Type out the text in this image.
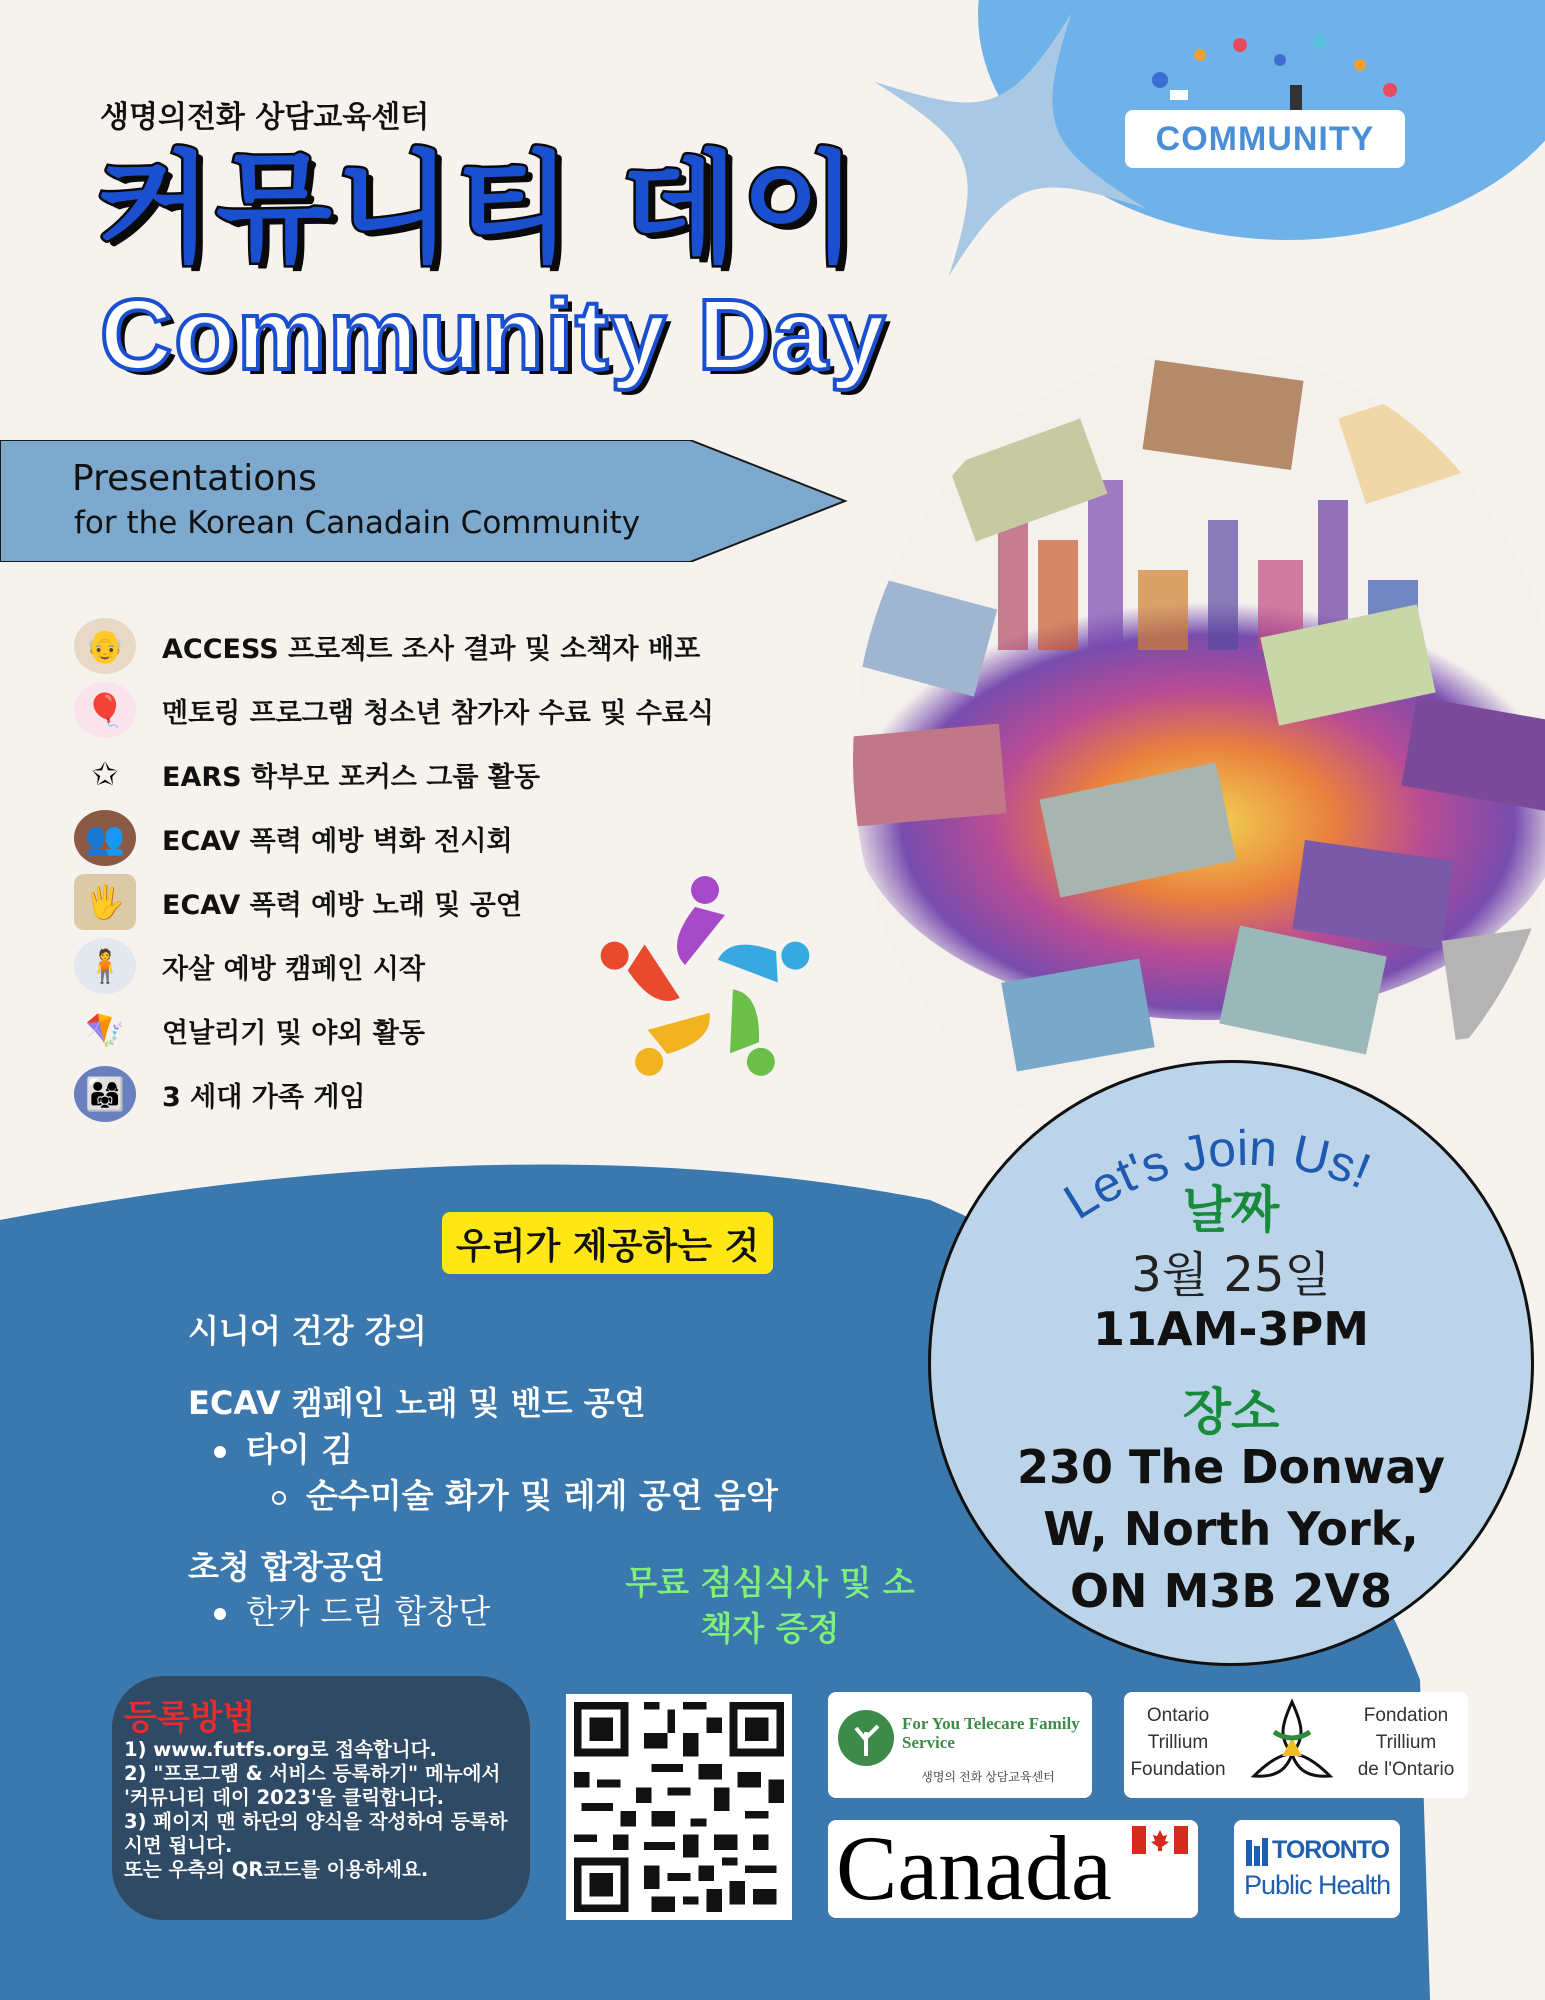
COMMUNITY
생명의전화 상담교육센터
커뮤니티 데이
Community Day
Presentations
for the Korean Canadain Community
👴	ACCESS 프로젝트 조사 결과 및 소책자 배포
🎈	멘토링 프로그램 청소년 참가자 수료 및 수료식
✩	EARS 학부모 포커스 그룹 활동
👥	ECAV 폭력 예방 벽화 전시회
🖐	ECAV 폭력 예방 노래 및 공연
🧍	자살 예방 캠페인 시작
🪁	연날리기 및 야외 활동
👨‍👩‍👧	3 세대 가족 게임
Let's Join Us!
날짜
3월 25일
11AM-3PM
장소
230 The Donway
W, North York,
ON M3B 2V8
우리가 제공하는 것
시니어 건강 강의
ECAV 캠페인 노래 및 밴드 공연
타이 김
순수미술 화가 및 레게 공연 음악
초청 합창공연
한카 드림 합창단
무료 점심식사 및 소책자 증정
등록방법
1) www.futfs.org로 접속합니다.
2) "프로그램 & 서비스 등록하기" 메뉴에서 '커뮤니티 데이 2023'을 클릭합니다.
3) 페이지 맨 하단의 양식을 작성하여 등록하시면 됩니다.
또는 우측의 QR코드를 이용하세요.
For You Telecare Family Service
생명의 전화 상담교육센터
Ontario
Trillium
Foundation
Fondation
Trillium
de l'Ontario
Canada	TORONTO
Public Health
